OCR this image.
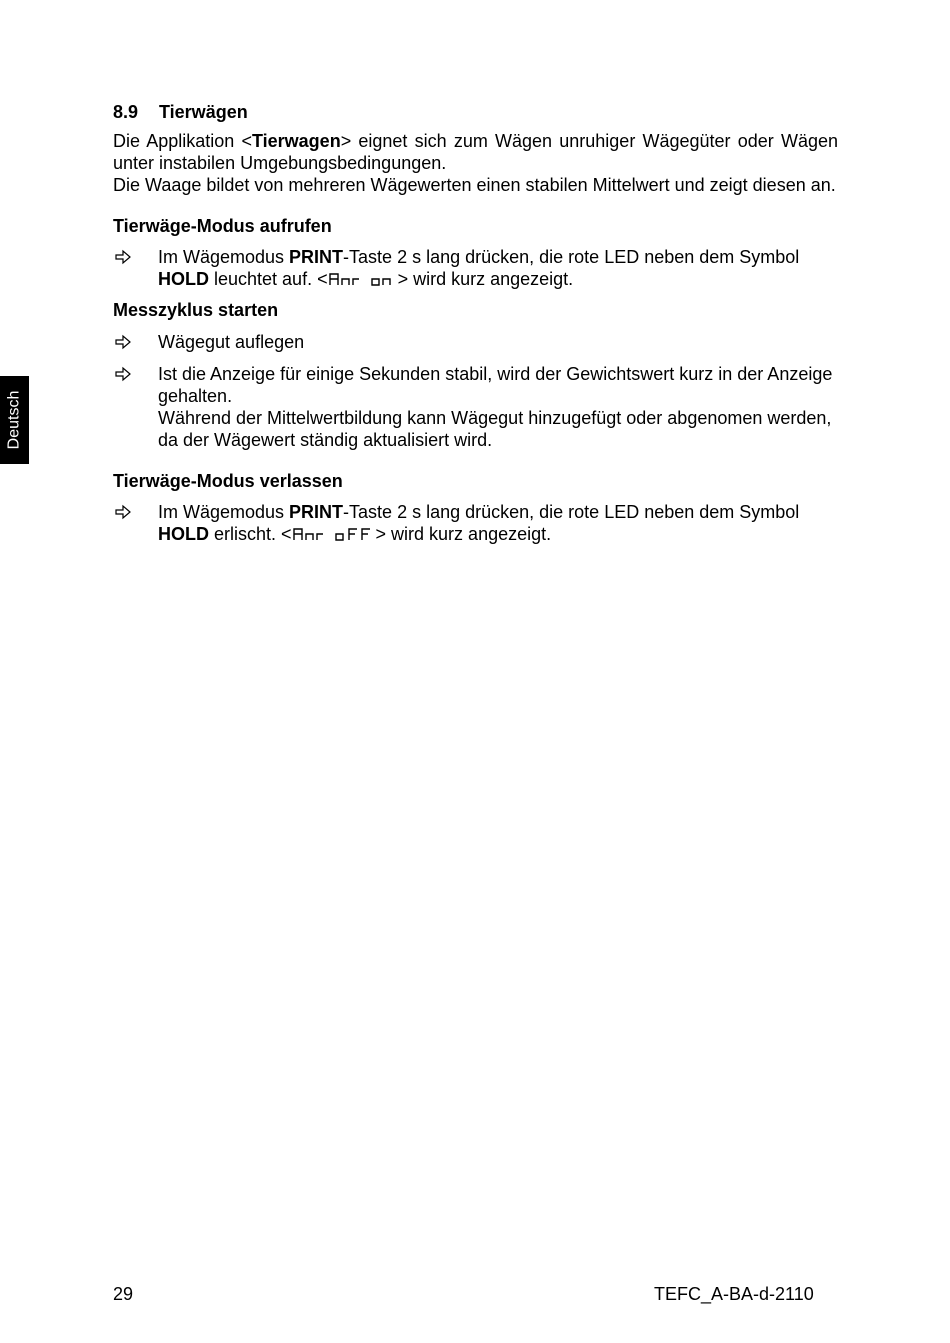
Deutsch
8.9 Tierwägen

Die Applikation <Tierwagen> eignet sich zum Wägen unruhiger Wägegüter oder Wägen unter instabilen Umgebungsbedingungen.

Die Waage bildet von mehreren Wägewerten einen stabilen Mittelwert und zeigt diesen an.

Tierwäge-Modus aufrufen
Im Wägemodus PRINT-Taste 2 s lang drücken, die rote LED neben dem Symbol HOLD leuchtet auf. <	> wird kurz angezeigt.
Messzyklus starten
Wägegut auflegen
Ist die Anzeige für einige Sekunden stabil, wird der Gewichtswert kurz in der Anzeige gehalten.
Während der Mittelwertbildung kann Wägegut hinzugefügt oder abgenomen werden, da der Wägewert ständig aktualisiert wird.
Tierwäge-Modus verlassen
Im Wägemodus PRINT-Taste 2 s lang drücken, die rote LED neben dem Symbol HOLD erlischt. <	> wird kurz angezeigt.
29	TEFC_A-BA-d-2110
